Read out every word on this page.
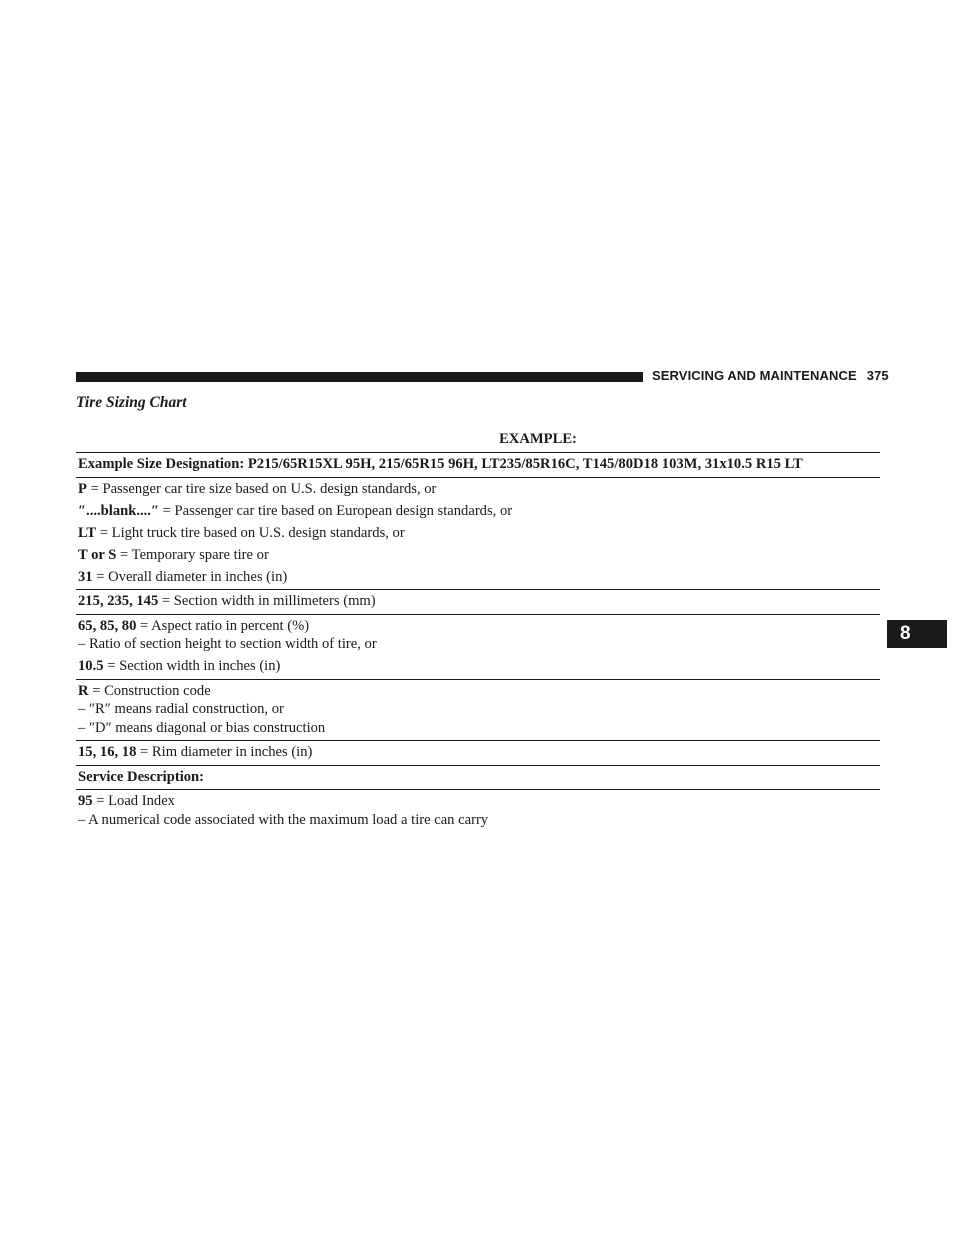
SERVICING AND MAINTENANCE 375
8
Tire Sizing Chart
EXAMPLE:
Example Size Designation: P215/65R15XL 95H, 215/65R15 96H, LT235/85R16C, T145/80D18 103M, 31x10.5 R15 LT
P = Passenger car tire size based on U.S. design standards, or
″....blank....″ = Passenger car tire based on European design standards, or
LT = Light truck tire based on U.S. design standards, or
T or S = Temporary spare tire or
31 = Overall diameter in inches (in)
215, 235, 145 = Section width in millimeters (mm)
65, 85, 80 = Aspect ratio in percent (%)
– Ratio of section height to section width of tire, or
10.5 = Section width in inches (in)
R = Construction code
– ″R″ means radial construction, or
– ″D″ means diagonal or bias construction
15, 16, 18 = Rim diameter in inches (in)
Service Description:
95 = Load Index
– A numerical code associated with the maximum load a tire can carry
